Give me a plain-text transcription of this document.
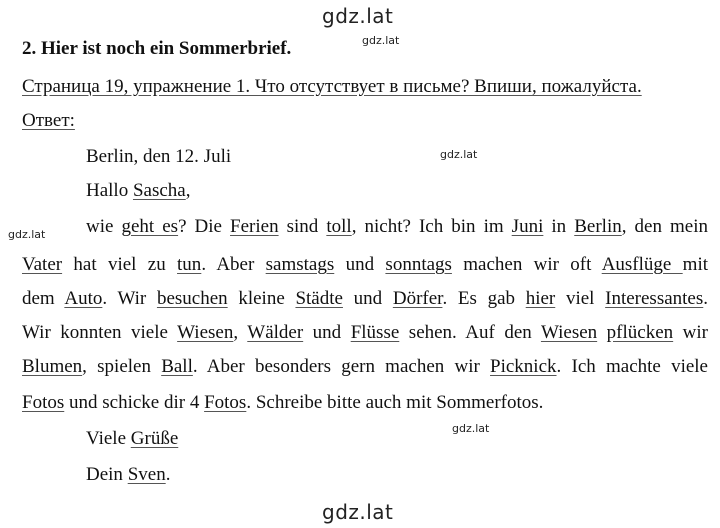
gdz.lat
gdz.lat
gdz.lat
gdz.lat
gdz.lat
gdz.lat
2. Hier ist noch ein Sommerbrief.
Страница 19, упражнение 1. Что отсутствует в письме? Впиши, пожалуйста.
Ответ:
Berlin, den 12. Juli
Hallo Sascha,
wie geht es? Die Ferien sind toll, nicht? Ich bin im Juni in Berlin, den mein
Vater hat viel zu tun. Aber samstags und sonntags machen wir oft Ausflüge mit
dem Auto. Wir besuchen kleine Städte und Dörfer. Es gab hier viel Interessantes.
Wir konnten viele Wiesen, Wälder und Flüsse sehen. Auf den Wiesen pflücken wir
Blumen, spielen Ball. Aber besonders gern machen wir Picknick. Ich machte viele
Fotos und schicke dir 4 Fotos. Schreibe bitte auch mit Sommerfotos.
Viele Grüße
Dein Sven.
